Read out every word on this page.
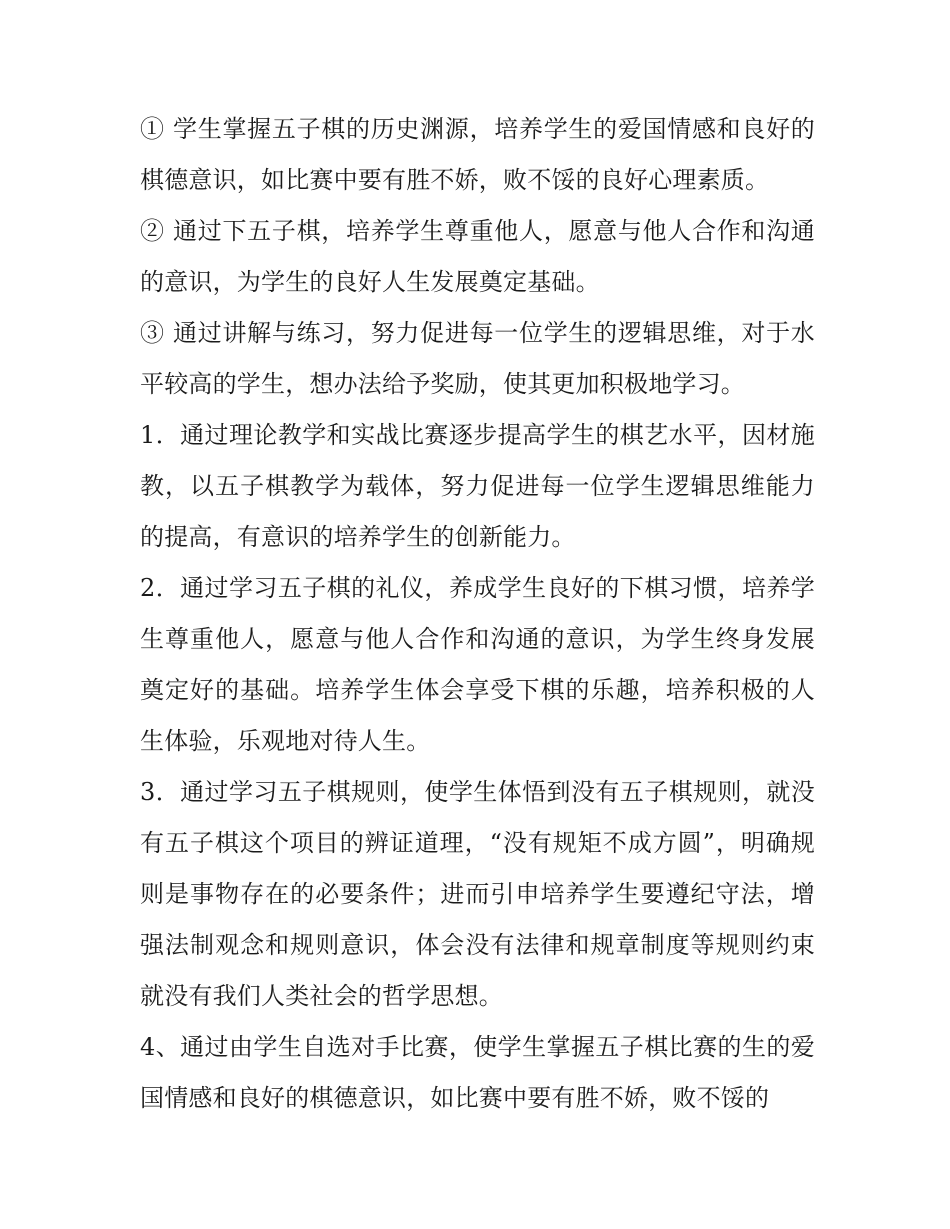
① 学生掌握五子棋的历史渊源，培养学生的爱国情感和良好的棋德意识，如比赛中要有胜不娇，败不馁的良好心理素质。

② 通过下五子棋，培养学生尊重他人，愿意与他人合作和沟通的意识，为学生的良好人生发展奠定基础。

③ 通过讲解与练习，努力促进每一位学生的逻辑思维，对于水平较高的学生，想办法给予奖励，使其更加积极地学习。

1．通过理论教学和实战比赛逐步提高学生的棋艺水平，因材施教，以五子棋教学为载体，努力促进每一位学生逻辑思维能力的提高，有意识的培养学生的创新能力。

2．通过学习五子棋的礼仪，养成学生良好的下棋习惯，培养学生尊重他人，愿意与他人合作和沟通的意识，为学生终身发展奠定好的基础。培养学生体会享受下棋的乐趣，培养积极的人生体验，乐观地对待人生。

3．通过学习五子棋规则，使学生体悟到没有五子棋规则，就没有五子棋这个项目的辨证道理，“没有规矩不成方圆”，明确规则是事物存在的必要条件；进而引申培养学生要遵纪守法，增强法制观念和规则意识，体会没有法律和规章制度等规则约束就没有我们人类社会的哲学思想。

4、通过由学生自选对手比赛，使学生掌握五子棋比赛的生的爱国情感和良好的棋德意识，如比赛中要有胜不娇，败不馁的
